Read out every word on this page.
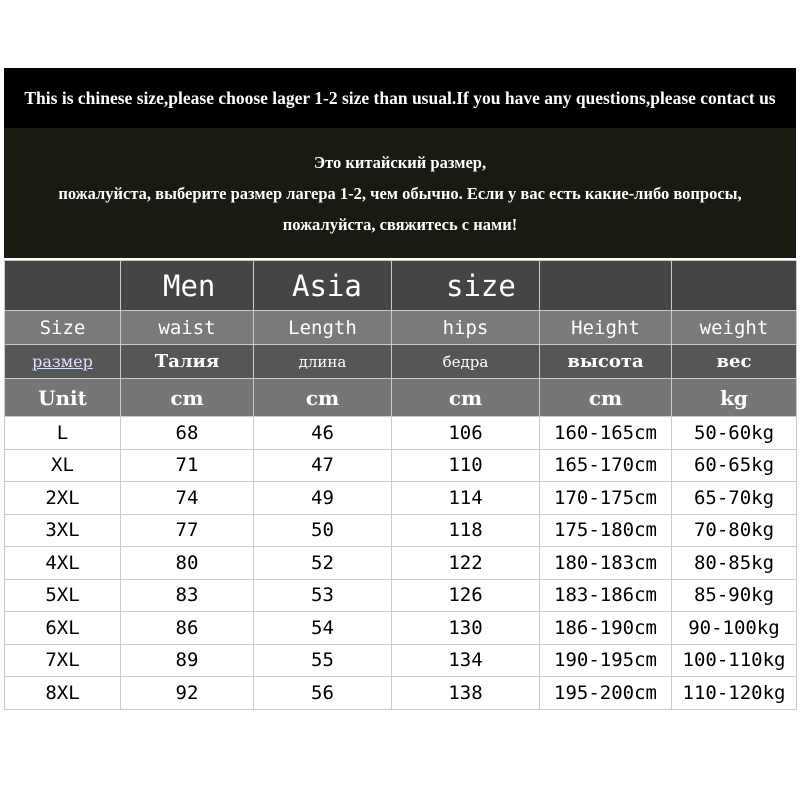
This is chinese size,please choose lager 1-2 size than usual.If you have any questions,please contact us
Это китайский размер,
пожалуйста, выберите размер лагера 1-2, чем обычно. Если у вас есть какие-либо вопросы,
пожалуйста, свяжитесь с нами!
	Men	Asia	size		
Size	waist	Length	hips	Height	weight
размер	Талия	длина	бедра	высота	вес
Unit	cm	cm	cm	cm	kg
L	68	46	106	160-165cm	50-60kg
XL	71	47	110	165-170cm	60-65kg
2XL	74	49	114	170-175cm	65-70kg
3XL	77	50	118	175-180cm	70-80kg
4XL	80	52	122	180-183cm	80-85kg
5XL	83	53	126	183-186cm	85-90kg
6XL	86	54	130	186-190cm	90-100kg
7XL	89	55	134	190-195cm	100-110kg
8XL	92	56	138	195-200cm	110-120kg
